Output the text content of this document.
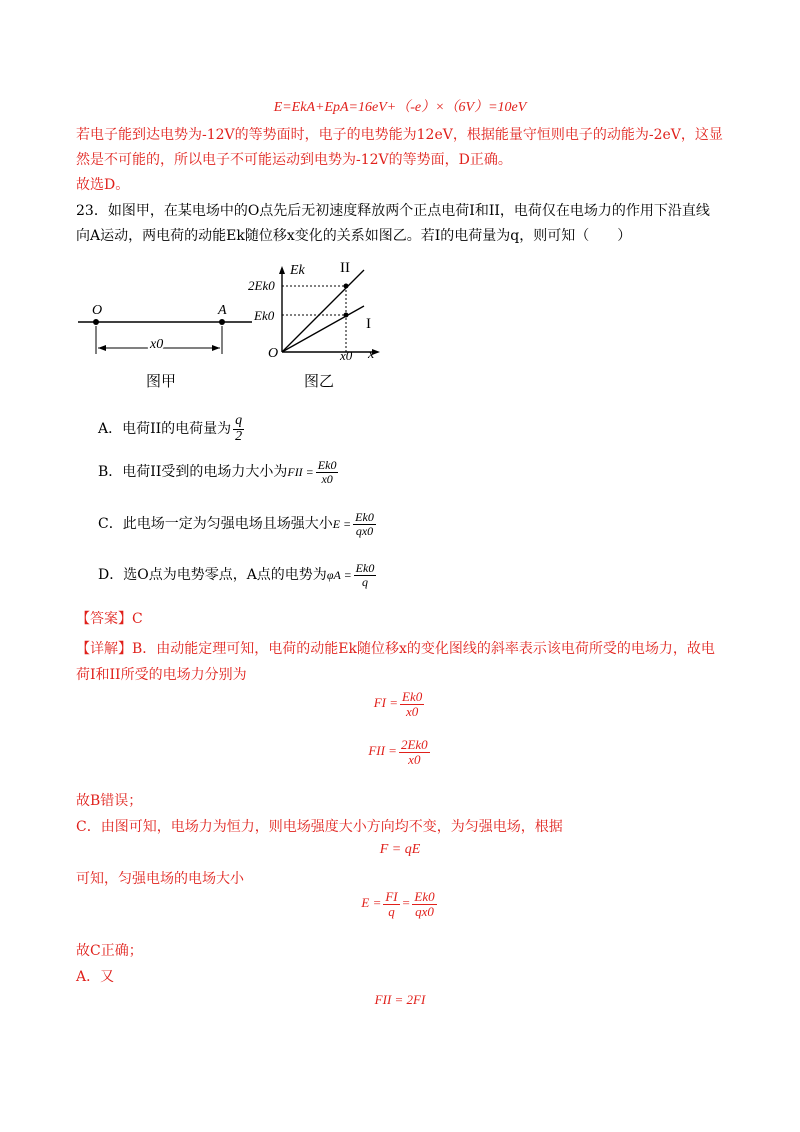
E=EkA+EpA=16eV+（-e）×（6V）=10eV
若电子能到达电势为-12V的等势面时，电子的电势能为12eV，根据能量守恒则电子的动能为-2eV，这显
然是不可能的，所以电子不可能运动到电势为-12V的等势面，D正确。
故选D。
23．如图甲，在某电场中的O点先后无初速度释放两个正点电荷I和II，电荷仅在电场力的作用下沿直线
向A运动，两电荷的动能Ek随位移x变化的关系如图乙。若I的电荷量为q，则可知（　　）
O	A
x0
图甲
Ek
2Ek0
Ek0
O	x0 x
II
I
图乙
A．电荷II的电荷量为 $\frac{q}{2}$
B．电荷II受到的电场力大小为FII = $\frac{Ek0}{x0}$
C．此电场一定为匀强电场且场强大小$E = \frac{Ek0}{qx0}$
D．选O点为电势零点，A点的电势为$\varphi A = \frac{Ek0}{q}$
【答案】C
【详解】B．由动能定理可知，电荷的动能Ek随位移x的变化图线的斜率表示该电荷所受的电场力，故电
荷I和II所受的电场力分别为
FI = $\frac{Ek0}{x0}$
FII = $\frac{2Ek0}{x0}$
故B错误；
C．由图可知，电场力为恒力，则电场强度大小方向均不变，为匀强电场，根据
F = qE
可知，匀强电场的电场大小
$E = \frac{FI}{q} = \frac{Ek0}{qx0}$
故C正确；
A．又
FII = 2FI
